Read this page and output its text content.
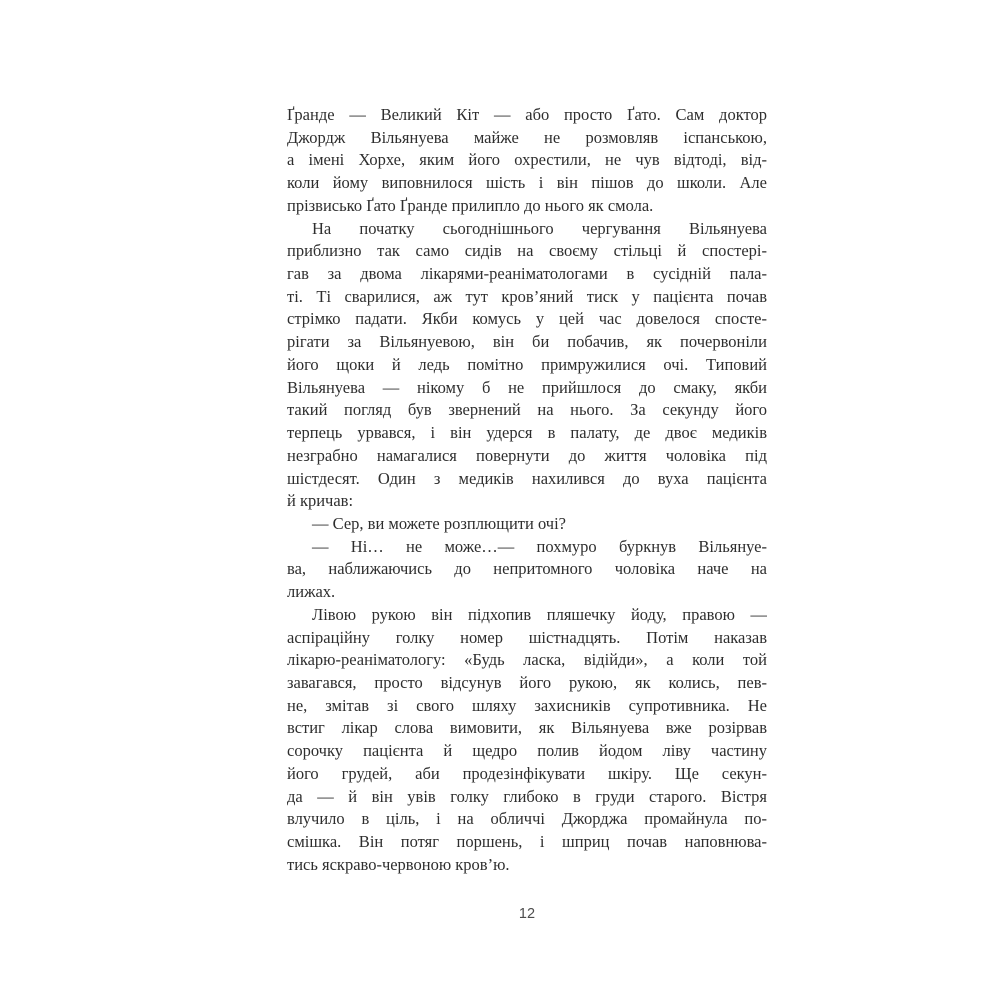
Ґранде — Великий Кіт — або просто Ґато. Сам доктор
Джордж Вільянуева майже не розмовляв іспанською,
а імені Хорхе, яким його охрестили, не чув відтоді, від-
коли йому виповнилося шість і він пішов до школи. Але
прізвисько Ґато Ґранде прилипло до нього як смола.
На початку сьогоднішнього чергування Вільянуева
приблизно так само сидів на своєму стільці й спостері-
гав за двома лікарями-реаніматологами в сусідній пала-
ті. Ті сварилися, аж тут кров’яний тиск у пацієнта почав
стрімко падати. Якби комусь у цей час довелося спосте-
рігати за Вільянуевою, він би побачив, як почервоніли
його щоки й ледь помітно примружилися очі. Типовий
Вільянуева — нікому б не прийшлося до смаку, якби
такий погляд був звернений на нього. За секунду його
терпець урвався, і він удерся в палату, де двоє медиків
незграбно намагалися повернути до життя чоловіка під
шістдесят. Один з медиків нахилився до вуха пацієнта
й кричав:
— Сер, ви можете розплющити очі?
— Ні… не може…— похмуро буркнув Вільянуе-
ва, наближаючись до непритомного чоловіка наче на
лижах.
Лівою рукою він підхопив пляшечку йоду, правою —
аспіраційну голку номер шістнадцять. Потім наказав
лікарю-реаніматологу: «Будь ласка, відійди», а коли той
завагався, просто відсунув його рукою, як колись, пев-
не, змітав зі свого шляху захисників супротивника. Не
встиг лікар слова вимовити, як Вільянуева вже розірвав
сорочку пацієнта й щедро полив йодом ліву частину
його грудей, аби продезінфікувати шкіру. Ще секун-
да — й він увів голку глибоко в груди старого. Вістря
влучило в ціль, і на обличчі Джорджа промайнула по-
смішка. Він потяг поршень, і шприц почав наповнюва-
тись яскраво-червоною кров’ю.
12
